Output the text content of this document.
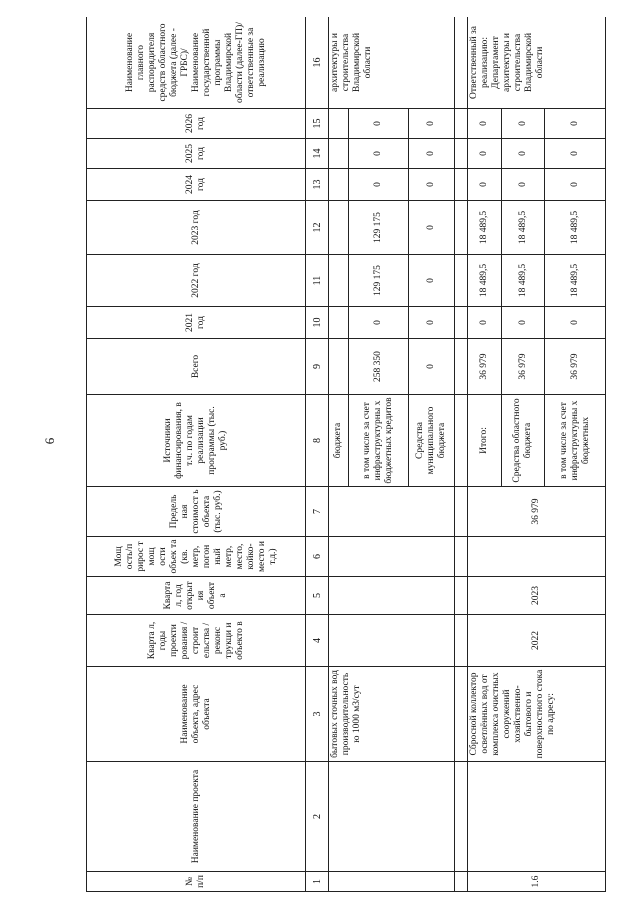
6
№ п/п	Наименование проекта	Наименование объекта, адрес объекта	Кварта л, годы проекти рования /строит ельства /реконс трукци и объекто в	Кварта л, год открыт ия объект а	Мощ ость/п рирос т мощ ости объек та (кв. метр, погон ный метр, место, койко-место и т.д.)	Предель ная стоимост ь объекта (тыс. руб.)	Источники финансирования, в т.ч. по годам реализации программы (тыс. руб.)	Всего	2021 год	2022 год	2023 год	2024 год	2025 год	2026 год	Наименование главного распорядителя средств областного бюджета (далее - ГРБС)/ Наименование государственной программы Владимирской области (далее-ГП)/ ответственные за реализацию
1	2	3	4	5	6	7	8	9	10	11	12	13	14	15	16
		бытовых сточных вод производительность ю 1000 м3/сут					бюджета								архитектуры и строительства Владимирской области
							в том числе за счет инфраструктурны х бюджетных кредитов	258 350	0	129 175	129 175	0	0	0	
							Средства муниципального бюджета	0	0	0	0	0	0	0	

1.6		Сбросной коллектор осветлённых вод от комплекса очистных сооружений хозяйственно-бытового и поверхностного стока по адресу:	2022	2023		36 979	Итого:	36 979	0	18 489,5	18 489,5	0	0	0	Ответственный за реализацию: Департамент архитектуры и строительства Владимирской области
							Средства областного бюджета	36 979	0	18 489,5	18 489,5	0	0	0	
							в том числе за счет инфраструктурны х бюджетных	36 979	0	18 489,5	18 489,5	0	0	0	
